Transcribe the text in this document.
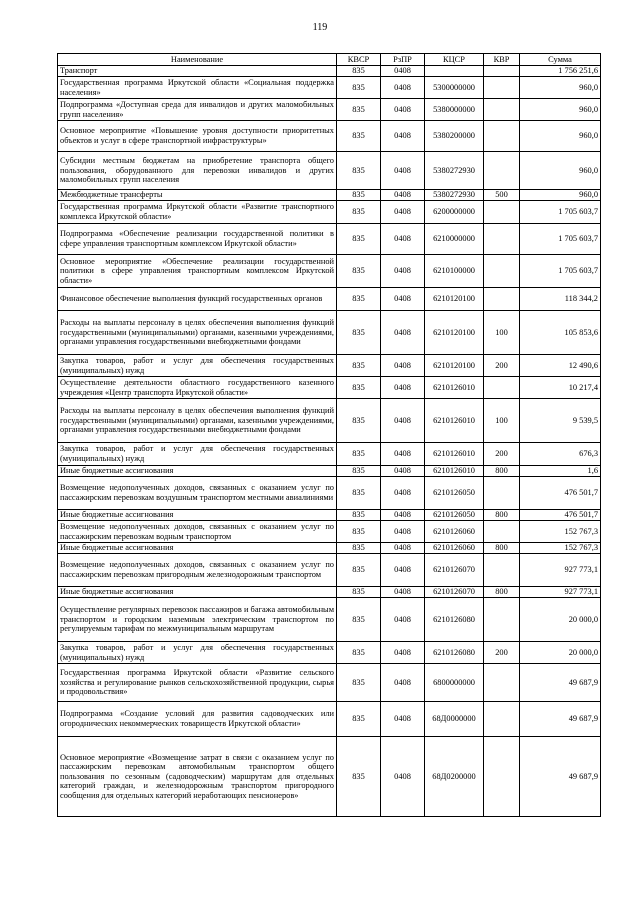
119
Наименование	КВСР	РзПР	КЦСР	КВР	Сумма
Транспорт	835	0408			1 756 251,6
Государственная программа Иркутской области «Социальная поддержка населения»	835	0408	5300000000		960,0
Подпрограмма «Доступная среда для инвалидов и других маломобильных групп населения»	835	0408	5380000000		960,0
Основное мероприятие «Повышение уровня доступности приоритетных объектов и услуг в сфере транспортной инфраструктуры»	835	0408	5380200000		960,0
Субсидии местным бюджетам на приобретение транспорта общего пользования, оборудованного для перевозки инвалидов и других маломобильных групп населения	835	0408	5380272930		960,0
Межбюджетные трансферты	835	0408	5380272930	500	960,0
Государственная программа Иркутской области «Развитие транспортного комплекса Иркутской области»	835	0408	6200000000		1 705 603,7
Подпрограмма «Обеспечение реализации государственной политики в сфере управления транспортным комплексом Иркутской области»	835	0408	6210000000		1 705 603,7
Основное мероприятие «Обеспечение реализации государственной политики в сфере управления транспортным комплексом Иркутской области»	835	0408	6210100000		1 705 603,7
Финансовое обеспечение выполнения функций государственных органов	835	0408	6210120100		118 344,2
Расходы на выплаты персоналу в целях обеспечения выполнения функций государственными (муниципальными) органами, казенными учреждениями, органами управления государственными внебюджетными фондами	835	0408	6210120100	100	105 853,6
Закупка товаров, работ и услуг для обеспечения государственных (муниципальных) нужд	835	0408	6210120100	200	12 490,6
Осуществление деятельности областного государственного казенного учреждения «Центр транспорта Иркутской области»	835	0408	6210126010		10 217,4
Расходы на выплаты персоналу в целях обеспечения выполнения функций государственными (муниципальными) органами, казенными учреждениями, органами управления государственными внебюджетными фондами	835	0408	6210126010	100	9 539,5
Закупка товаров, работ и услуг для обеспечения государственных (муниципальных) нужд	835	0408	6210126010	200	676,3
Иные бюджетные ассигнования	835	0408	6210126010	800	1,6
Возмещение недополученных доходов, связанных с оказанием услуг по пассажирским перевозкам воздушным транспортом местными авиалиниями	835	0408	6210126050		476 501,7
Иные бюджетные ассигнования	835	0408	6210126050	800	476 501,7
Возмещение недополученных доходов, связанных с оказанием услуг по пассажирским перевозкам водным транспортом	835	0408	6210126060		152 767,3
Иные бюджетные ассигнования	835	0408	6210126060	800	152 767,3
Возмещение недополученных доходов, связанных с оказанием услуг по пассажирским перевозкам пригородным железнодорожным транспортом	835	0408	6210126070		927 773,1
Иные бюджетные ассигнования	835	0408	6210126070	800	927 773,1
Осуществление регулярных перевозок пассажиров и багажа автомобильным транспортом и городским наземным электрическим транспортом по регулируемым тарифам по межмуниципальным маршрутам	835	0408	6210126080		20 000,0
Закупка товаров, работ и услуг для обеспечения государственных (муниципальных) нужд	835	0408	6210126080	200	20 000,0
Государственная программа Иркутской области «Развитие сельского хозяйства и регулирование рынков сельскохозяйственной продукции, сырья и продовольствия»	835	0408	6800000000		49 687,9
Подпрограмма «Создание условий для развития садоводческих или огороднических некоммерческих товариществ Иркутской области»	835	0408	68Д0000000		49 687,9
Основное мероприятие «Возмещение затрат в связи с оказанием услуг по пассажирским перевозкам автомобильным транспортом общего пользования по сезонным (садоводческим) маршрутам для отдельных категорий граждан, и железнодорожным транспортом пригородного сообщения для отдельных категорий неработающих пенсионеров»	835	0408	68Д0200000		49 687,9
